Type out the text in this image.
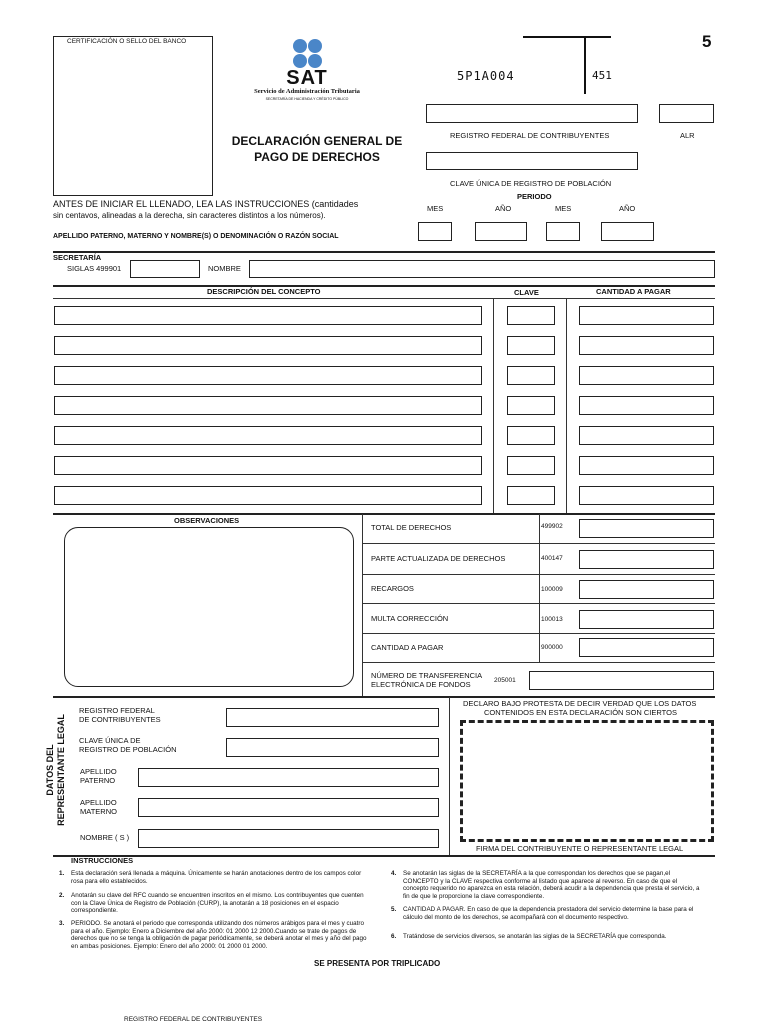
CERTIFICACIÓN O SELLO DEL BANCO
SAT
Servicio de Administración Tributaria
SECRETARÍA DE HACIENDA Y CRÉDITO PÚBLICO
5P1A004	451
5
DECLARACIÓN GENERAL DE
PAGO DE DERECHOS
REGISTRO FEDERAL DE CONTRIBUYENTES	ALR
CLAVE ÚNICA DE REGISTRO DE POBLACIÓN
ANTES DE INICIAR EL LLENADO, LEA LAS INSTRUCCIONES (cantidades
sin centavos, alineadas a la derecha, sin caracteres distintos a los números).
PERIODO
MES	AÑO	MES	AÑO
APELLIDO PATERNO, MATERNO Y NOMBRE(S) O DENOMINACIÓN O RAZÓN SOCIAL
SECRETARÍA
SIGLAS 499901	NOMBRE
DESCRIPCIÓN DEL CONCEPTO	CLAVE	CANTIDAD A PAGAR
OBSERVACIONES
TOTAL DE DERECHOS	499902
PARTE ACTUALIZADA DE DERECHOS	400147
RECARGOS	100009
MULTA CORRECCIÓN	100013
CANTIDAD A PAGAR	900000
NÚMERO DE TRANSFERENCIA
ELECTRÓNICA DE FONDOS	205001
DATOS DEL REPRESENTANTE LEGAL
REGISTRO FEDERAL
DE CONTRIBUYENTES
CLAVE ÚNICA DE
REGISTRO DE POBLACIÓN
APELLIDO
PATERNO
APELLIDO
MATERNO
NOMBRE ( S )
DECLARO BAJO PROTESTA DE DECIR VERDAD QUE LOS DATOS
CONTENIDOS EN ESTA DECLARACIÓN SON CIERTOS
FIRMA DEL CONTRIBUYENTE O REPRESENTANTE LEGAL
INSTRUCCIONES
1. Esta declaración será llenada a máquina. Únicamente se harán anotaciones dentro de los campos color rosa para ello establecidos.
2. Anotarán su clave del RFC cuando se encuentren inscritos en el mismo. Los contribuyentes que cuenten con la Clave Única de Registro de Población (CURP), la anotarán a 18 posiciones en el espacio correspondiente.
3. PERIODO. Se anotará el periodo que corresponda utilizando dos números arábigos para el mes y cuatro para el año. Ejemplo: Enero a Diciembre del año 2000: 01 2000 12 2000.Cuando se trate de pagos de derechos que no se tenga la obligación de pagar periódicamente, se deberá anotar el mes y año del pago en ambas posiciones. Ejemplo: Enero del año 2000: 01 2000 01 2000.
4. Se anotarán las siglas de la SECRETARÍA a la que correspondan los derechos que se pagan,el CONCEPTO y la CLAVE respectiva conforme al listado que aparece al reverso. En caso de que el concepto requerido no aparezca en esta relación, deberá acudir a la dependencia que presta el servicio, a fin de que le proporcione la clave correspondiente.
5. CANTIDAD A PAGAR. En caso de que la dependencia prestadora del servicio determine la base para el cálculo del monto de los derechos, se acompañará con el documento respectivo.
6. Tratándose de servicios diversos, se anotarán las siglas de la SECRETARÍA que corresponda.
SE PRESENTA POR TRIPLICADO
REGISTRO FEDERAL DE CONTRIBUYENTES
